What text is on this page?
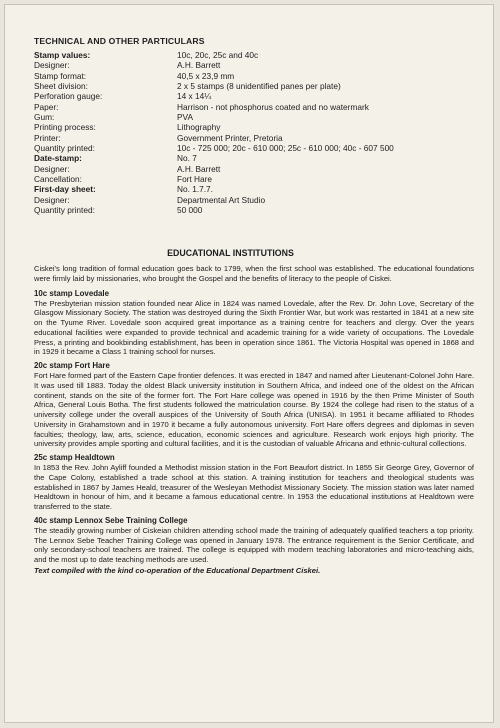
TECHNICAL AND OTHER PARTICULARS
Stamp values:	10c, 20c, 25c and 40c
Designer:	A.H. Barrett
Stamp format:	40,5 x 23,9 mm
Sheet division:	2 x 5 stamps (8 unidentified panes per plate)
Perforation gauge:	14 x 14¼
Paper:	Harrison - not phosphorus coated and no watermark
Gum:	PVA
Printing process:	Lithography
Printer:	Government Printer, Pretoria
Quantity printed:	10c - 725 000; 20c - 610 000; 25c - 610 000; 40c - 607 500
Date-stamp:	No. 7
Designer:	A.H. Barrett
Cancellation:	Fort Hare
First-day sheet:	No. 1.7.7.
Designer:	Departmental Art Studio
Quantity printed:	50 000
EDUCATIONAL INSTITUTIONS

Ciskei's long tradition of formal education goes back to 1799, when the first school was established. The educational foundations were firmly laid by missionaries, who brought the Gospel and the benefits of literacy to the people of Ciskei.

10c stamp Lovedale

The Presbyterian mission station founded near Alice in 1824 was named Lovedale, after the Rev. Dr. John Love, Secretary of the Glasgow Missionary Society. The station was destroyed during the Sixth Frontier War, but work was restarted in 1841 at a new site on the Tyume River. Lovedale soon acquired great importance as a training centre for teachers and clergy. Over the years educational facilities were expanded to provide technical and academic training for a wide variety of occupations. The Lovedale Press, a printing and bookbinding establishment, has been in operation since 1861. The Victoria Hospital was opened in 1868 and in 1929 it became a Class 1 training school for nurses.

20c stamp Fort Hare

Fort Hare formed part of the Eastern Cape frontier defences. It was erected in 1847 and named after Lieutenant-Colonel John Hare. It was used till 1883. Today the oldest Black university institution in Southern Africa, and indeed one of the oldest on the African continent, stands on the site of the former fort. The Fort Hare college was opened in 1916 by the then Prime Minister of South Africa, General Louis Botha. The first students followed the matriculation course. By 1924 the college had risen to the status of a university college under the overall auspices of the University of South Africa (UNISA). In 1951 it became affiliated to Rhodes University in Grahamstown and in 1970 it became a fully autonomous university. Fort Hare offers degrees and diplomas in seven faculties; theology, law, arts, science, education, economic sciences and agriculture. Research work enjoys high priority. The university provides ample sporting and cultural facilities, and it is the custodian of valuable Africana and ethnic-cultural collections.

25c stamp Healdtown

In 1853 the Rev. John Ayliff founded a Methodist mission station in the Fort Beaufort district. In 1855 Sir George Grey, Governor of the Cape Colony, established a trade school at this station. A training institution for teachers and theological students was established in 1867 by James Heald, treasurer of the Wesleyan Methodist Missionary Society. The mission station was later named Healdtown in honour of him, and it became a famous educational centre. In 1953 the educational institutions at Healdtown were transferred to the state.

40c stamp Lennox Sebe Training College

The steadily growing number of Ciskeian children attending school made the training of adequately qualified teachers a top priority. The Lennox Sebe Teacher Training College was opened in January 1978. The entrance requirement is the Senior Certificate, and only secondary-school teachers are trained. The college is equipped with modern teaching laboratories and micro-teaching aids, and the most up to date teaching methods are used.

Text compiled with the kind co-operation of the Educational Department Ciskei.
